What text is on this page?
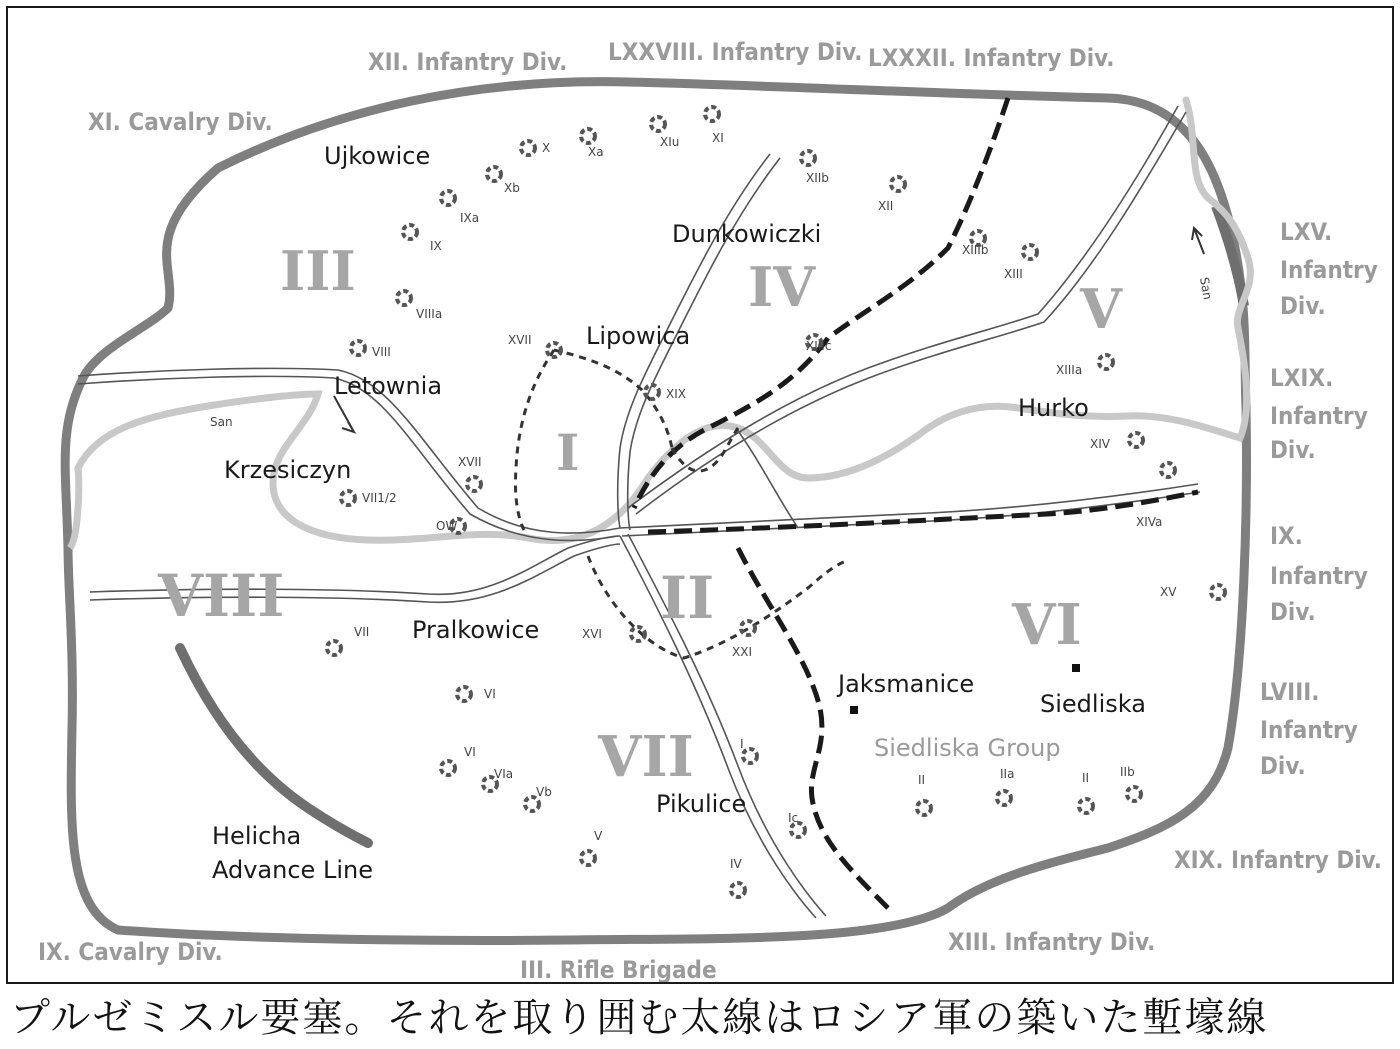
XII. Infantry Div. LXXVIII. Infantry Div. LXXXII. Infantry Div.
XI. Cavalry Div.
LXV.
Infantry
Div.
LXIX.
Infantry
Div.
IX.
Infantry
Div.
LVIII.
Infantry
Div.
XIX. Infantry Div.
XIII. Infantry Div.
IX. Cavalry Div.
III. Rifle Brigade
I
II
III	IV	V
VI
VII
VIII
Ujkowice
Dunkowiczki
Lipowica
Letownia
Krzesiczyn
Hurko
Pralkowice
Jaksmanice
Siedliska
Siedliska Group
Pikulice
Helicha
Advance Line
San
San
X	Xa
XIu	XI
Xb
IXa
IX
VIIIa
VIII
XIIb
XII
XIIIb
XIII
XIIIc
XIIIa
XIV
XIVa
XV
XVII
XVII
XIX
OW
VII1/2
VII
VI
VIa
VI
Vb
V
IV
Ic
I
XVI
XXI
II	IIa	II	IIb
プルゼミスル要塞。それを取り囲む太線はロシア軍の築いた塹壕線
